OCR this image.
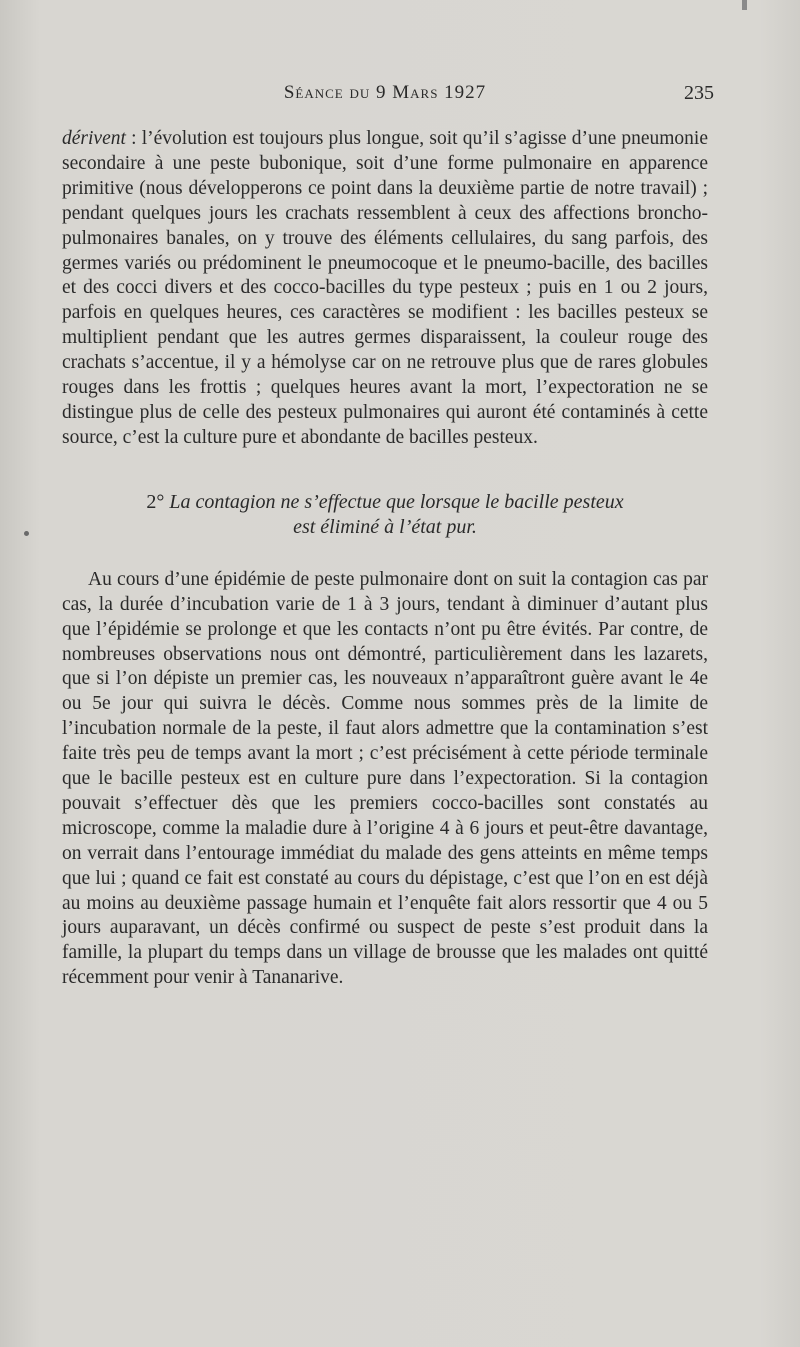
Séance du 9 Mars 1927	235

dérivent : l’évolution est toujours plus longue, soit qu’il s’agisse d’une pneumonie secondaire à une peste bubonique, soit d’une forme pulmonaire en apparence primitive (nous développerons ce point dans la deuxième partie de notre travail) ; pendant quelques jours les crachats ressemblent à ceux des affections broncho-pulmonaires banales, on y trouve des éléments cellulaires, du sang parfois, des germes variés ou prédominent le pneumocoque et le pneumo-bacille, des bacilles et des cocci divers et des cocco-bacilles du type pesteux ; puis en 1 ou 2 jours, parfois en quelques heures, ces caractères se modifient : les bacilles pesteux se multiplient pendant que les autres germes disparaissent, la couleur rouge des crachats s’accentue, il y a hémolyse car on ne retrouve plus que de rares globules rouges dans les frottis ; quelques heures avant la mort, l’expectoration ne se distingue plus de celle des pesteux pulmonaires qui auront été contaminés à cette source, c’est la culture pure et abondante de bacilles pesteux.

2° La contagion ne s’effectue que lorsque le bacille pesteux
est éliminé à l’état pur.

Au cours d’une épidémie de peste pulmonaire dont on suit la contagion cas par cas, la durée d’incubation varie de 1 à 3 jours, tendant à diminuer d’autant plus que l’épidémie se prolonge et que les contacts n’ont pu être évités. Par contre, de nombreuses observations nous ont démontré, particulièrement dans les lazarets, que si l’on dépiste un premier cas, les nouveaux n’apparaîtront guère avant le 4e ou 5e jour qui suivra le décès. Comme nous sommes près de la limite de l’incubation normale de la peste, il faut alors admettre que la contamination s’est faite très peu de temps avant la mort ; c’est précisément à cette période terminale que le bacille pesteux est en culture pure dans l’expectoration. Si la contagion pouvait s’effectuer dès que les premiers cocco-bacilles sont constatés au microscope, comme la maladie dure à l’origine 4 à 6 jours et peut-être davantage, on verrait dans l’entourage immédiat du malade des gens atteints en même temps que lui ; quand ce fait est constaté au cours du dépistage, c’est que l’on en est déjà au moins au deuxième passage humain et l’enquête fait alors ressortir que 4 ou 5 jours auparavant, un décès confirmé ou suspect de peste s’est produit dans la famille, la plupart du temps dans un village de brousse que les malades ont quitté récemment pour venir à Tananarive.
